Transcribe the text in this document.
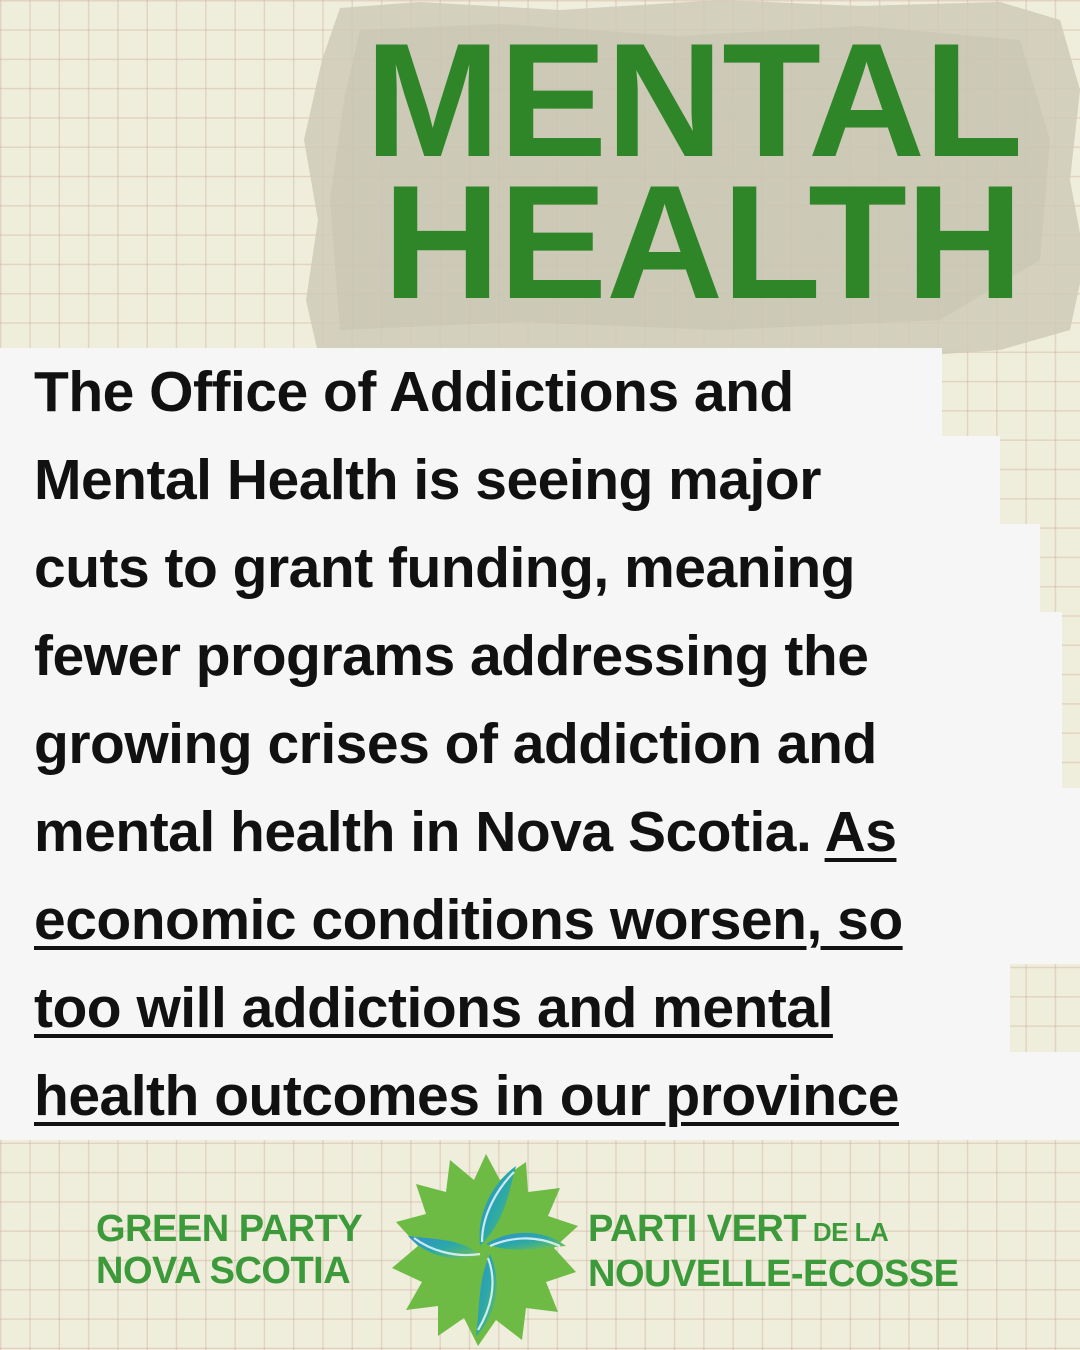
MENTAL
HEALTH
The Office of Addictions and
Mental Health is seeing major
cuts to grant funding, meaning
fewer programs addressing the
growing crises of addiction and
mental health in Nova Scotia. As
economic conditions worsen, so
too will addictions and mental
health outcomes in our province
GREEN PARTY
NOVA SCOTIA
PARTI VERT DE LA
NOUVELLE-ECOSSE
